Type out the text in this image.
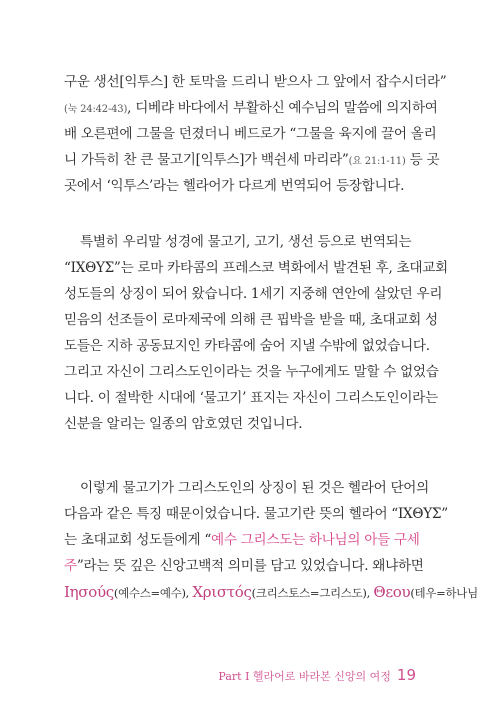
구운 생선[익투스] 한 토막을 드리니 받으사 그 앞에서 잡수시더라”
(눅 24:42-43), 디베랴 바다에서 부활하신 예수님의 말씀에 의지하여
배 오른편에 그물을 던졌더니 베드로가 “그물을 육지에 끌어 올리
니 가득히 찬 큰 물고기[익투스]가 백쉰세 마리라”(요 21:1-11) 등 곳
곳에서 ‘익투스’라는 헬라어가 다르게 번역되어 등장합니다.
특별히 우리말 성경에 물고기, 고기, 생선 등으로 번역되는
“ΙΧΘΥΣ”는 로마 카타콤의 프레스코 벽화에서 발견된 후, 초대교회
성도들의 상징이 되어 왔습니다. 1세기 지중해 연안에 살았던 우리
믿음의 선조들이 로마제국에 의해 큰 핍박을 받을 때, 초대교회 성
도들은 지하 공동묘지인 카타콤에 숨어 지낼 수밖에 없었습니다.
그리고 자신이 그리스도인이라는 것을 누구에게도 말할 수 없었습
니다. 이 절박한 시대에 ‘물고기’ 표지는 자신이 그리스도인이라는
신분을 알리는 일종의 암호였던 것입니다.
이렇게 물고기가 그리스도인의 상징이 된 것은 헬라어 단어의
다음과 같은 특징 때문이었습니다. 물고기란 뜻의 헬라어 “ΙΧΘΥΣ”
는 초대교회 성도들에게 “예수 그리스도는 하나님의 아들 구세
주”라는 뜻 깊은 신앙고백적 의미를 담고 있었습니다. 왜냐하면
Ιησούς(예수스=예수), Χριστός(크리스토스=그리스도), Θεου(테우=하나님
Part I 헬라어로 바라본 신앙의 여정 19
